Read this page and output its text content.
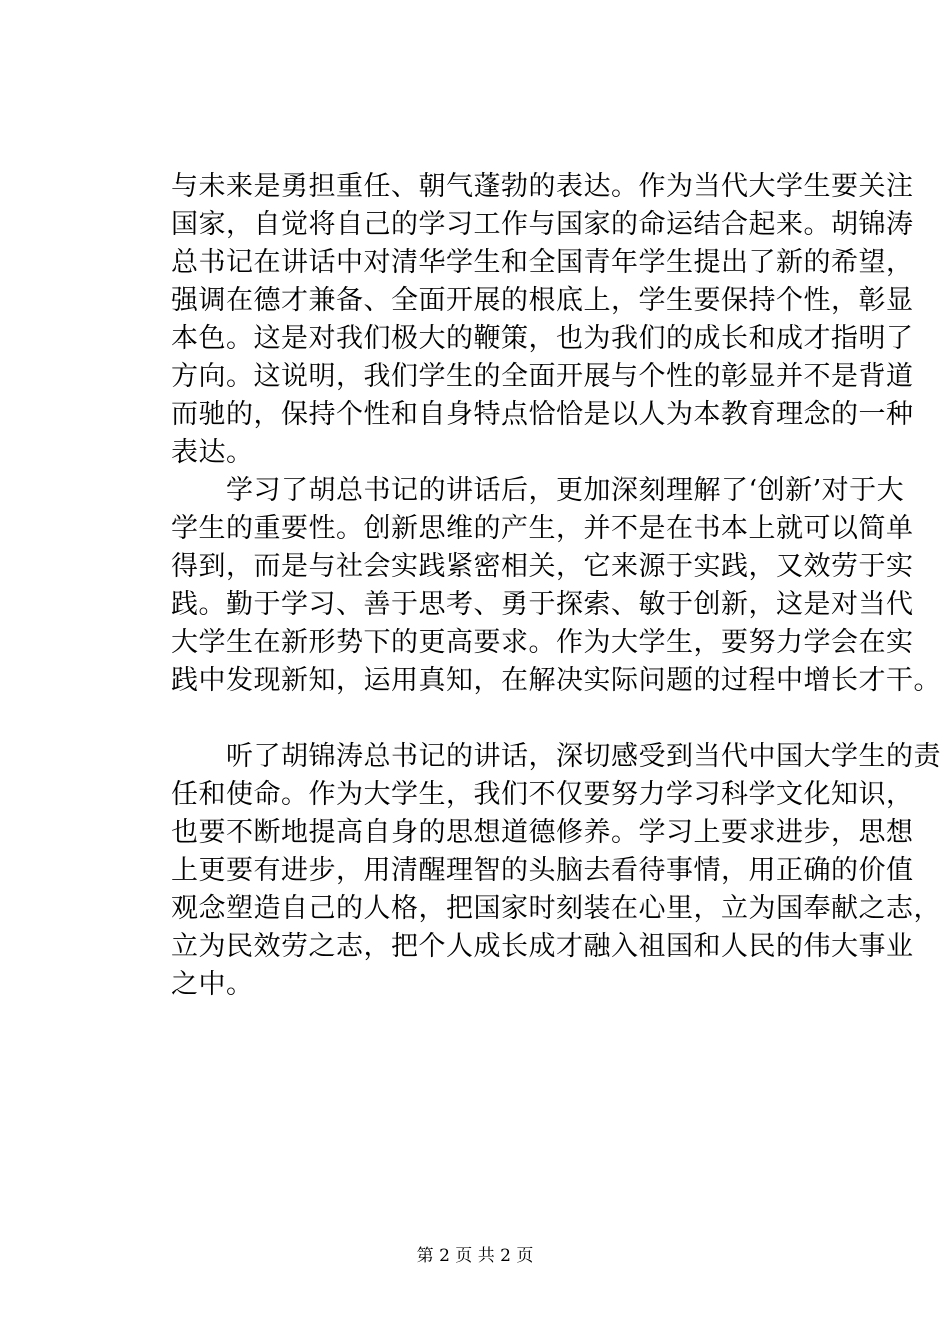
与未来是勇担重任、朝气蓬勃的表达。作为当代大学生要关注
国家，自觉将自己的学习工作与国家的命运结合起来。胡锦涛
总书记在讲话中对清华学生和全国青年学生提出了新的希望，
强调在德才兼备、全面开展的根底上，学生要保持个性，彰显
本色。这是对我们极大的鞭策，也为我们的成长和成才指明了
方向。这说明，我们学生的全面开展与个性的彰显并不是背道
而驰的，保持个性和自身特点恰恰是以人为本教育理念的一种
表达。
　　学习了胡总书记的讲话后，更加深刻理解了‘创新’对于大
学生的重要性。创新思维的产生，并不是在书本上就可以简单
得到，而是与社会实践紧密相关，它来源于实践，又效劳于实
践。勤于学习、善于思考、勇于探索、敏于创新，这是对当代
大学生在新形势下的更高要求。作为大学生，要努力学会在实
践中发现新知，运用真知，在解决实际问题的过程中增长才干。
　　听了胡锦涛总书记的讲话，深切感受到当代中国大学生的责
任和使命。作为大学生，我们不仅要努力学习科学文化知识，
也要不断地提高自身的思想道德修养。学习上要求进步，思想
上更要有进步，用清醒理智的头脑去看待事情，用正确的价值
观念塑造自己的人格，把国家时刻装在心里，立为国奉献之志，
立为民效劳之志，把个人成长成才融入祖国和人民的伟大事业
之中。
第 2 页 共 2 页
